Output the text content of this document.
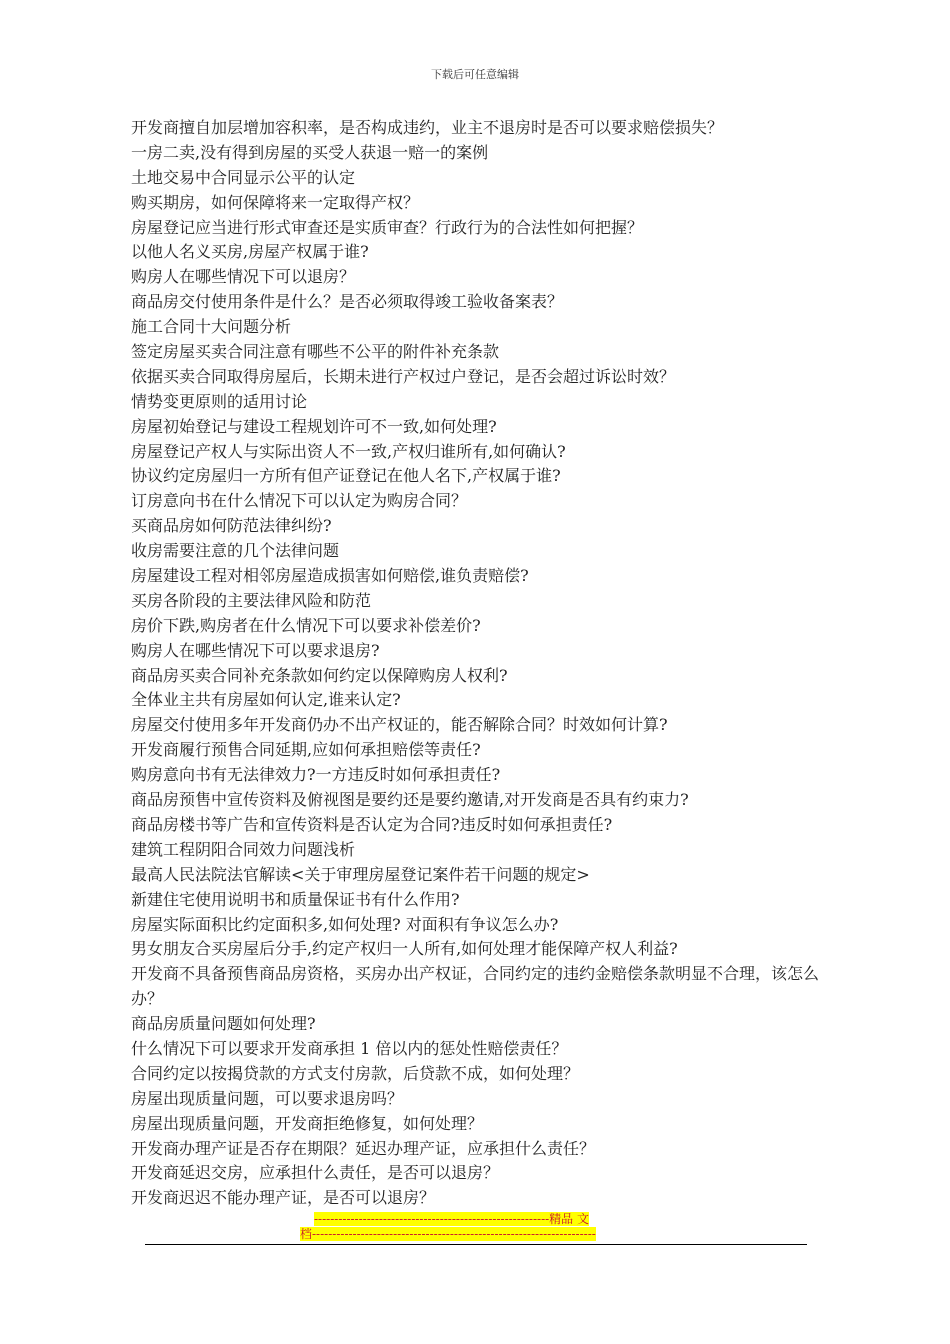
下载后可任意编辑
开发商擅自加层增加容积率，是否构成违约，业主不退房时是否可以要求赔偿损失？
一房二卖,没有得到房屋的买受人获退一赔一的案例
土地交易中合同显示公平的认定
购买期房，如何保障将来一定取得产权？
房屋登记应当进行形式审查还是实质审查？行政行为的合法性如何把握？
以他人名义买房,房屋产权属于谁?
购房人在哪些情况下可以退房？
商品房交付使用条件是什么？是否必须取得竣工验收备案表？
施工合同十大问题分析
签定房屋买卖合同注意有哪些不公平的附件补充条款
依据买卖合同取得房屋后，长期未进行产权过户登记，是否会超过诉讼时效？
情势变更原则的适用讨论
房屋初始登记与建设工程规划许可不一致,如何处理?
房屋登记产权人与实际出资人不一致,产权归谁所有,如何确认?
协议约定房屋归一方所有但产证登记在他人名下,产权属于谁?
订房意向书在什么情况下可以认定为购房合同？
买商品房如何防范法律纠纷?
收房需要注意的几个法律问题
房屋建设工程对相邻房屋造成损害如何赔偿,谁负责赔偿?
买房各阶段的主要法律风险和防范
房价下跌,购房者在什么情况下可以要求补偿差价?
购房人在哪些情况下可以要求退房?
商品房买卖合同补充条款如何约定以保障购房人权利?
全体业主共有房屋如何认定,谁来认定?
房屋交付使用多年开发商仍办不出产权证的，能否解除合同？时效如何计算?
开发商履行预售合同延期,应如何承担赔偿等责任?
购房意向书有无法律效力?一方违反时如何承担责任?
商品房预售中宣传资料及俯视图是要约还是要约邀请,对开发商是否具有约束力?
商品房楼书等广告和宣传资料是否认定为合同?违反时如何承担责任?
建筑工程阴阳合同效力问题浅析
最高人民法院法官解读<关于审理房屋登记案件若干问题的规定>
新建住宅使用说明书和质量保证书有什么作用?
房屋实际面积比约定面积多,如何处理? 对面积有争议怎么办?
男女朋友合买房屋后分手,约定产权归一人所有,如何处理才能保障产权人利益?
开发商不具备预售商品房资格，买房办出产权证，合同约定的违约金赔偿条款明显不合理，该怎么办？
商品房质量问题如何处理?
什么情况下可以要求开发商承担 1 倍以内的惩处性赔偿责任？
合同约定以按揭贷款的方式支付房款，后贷款不成，如何处理？
房屋出现质量问题，可以要求退房吗？
房屋出现质量问题，开发商拒绝修复，如何处理？
开发商办理产证是否存在期限？延迟办理产证，应承担什么责任？
开发商延迟交房，应承担什么责任，是否可以退房？
开发商迟迟不能办理产证，是否可以退房？
----------------------------------------------------------精品 文
档----------------------------------------------------------------------
